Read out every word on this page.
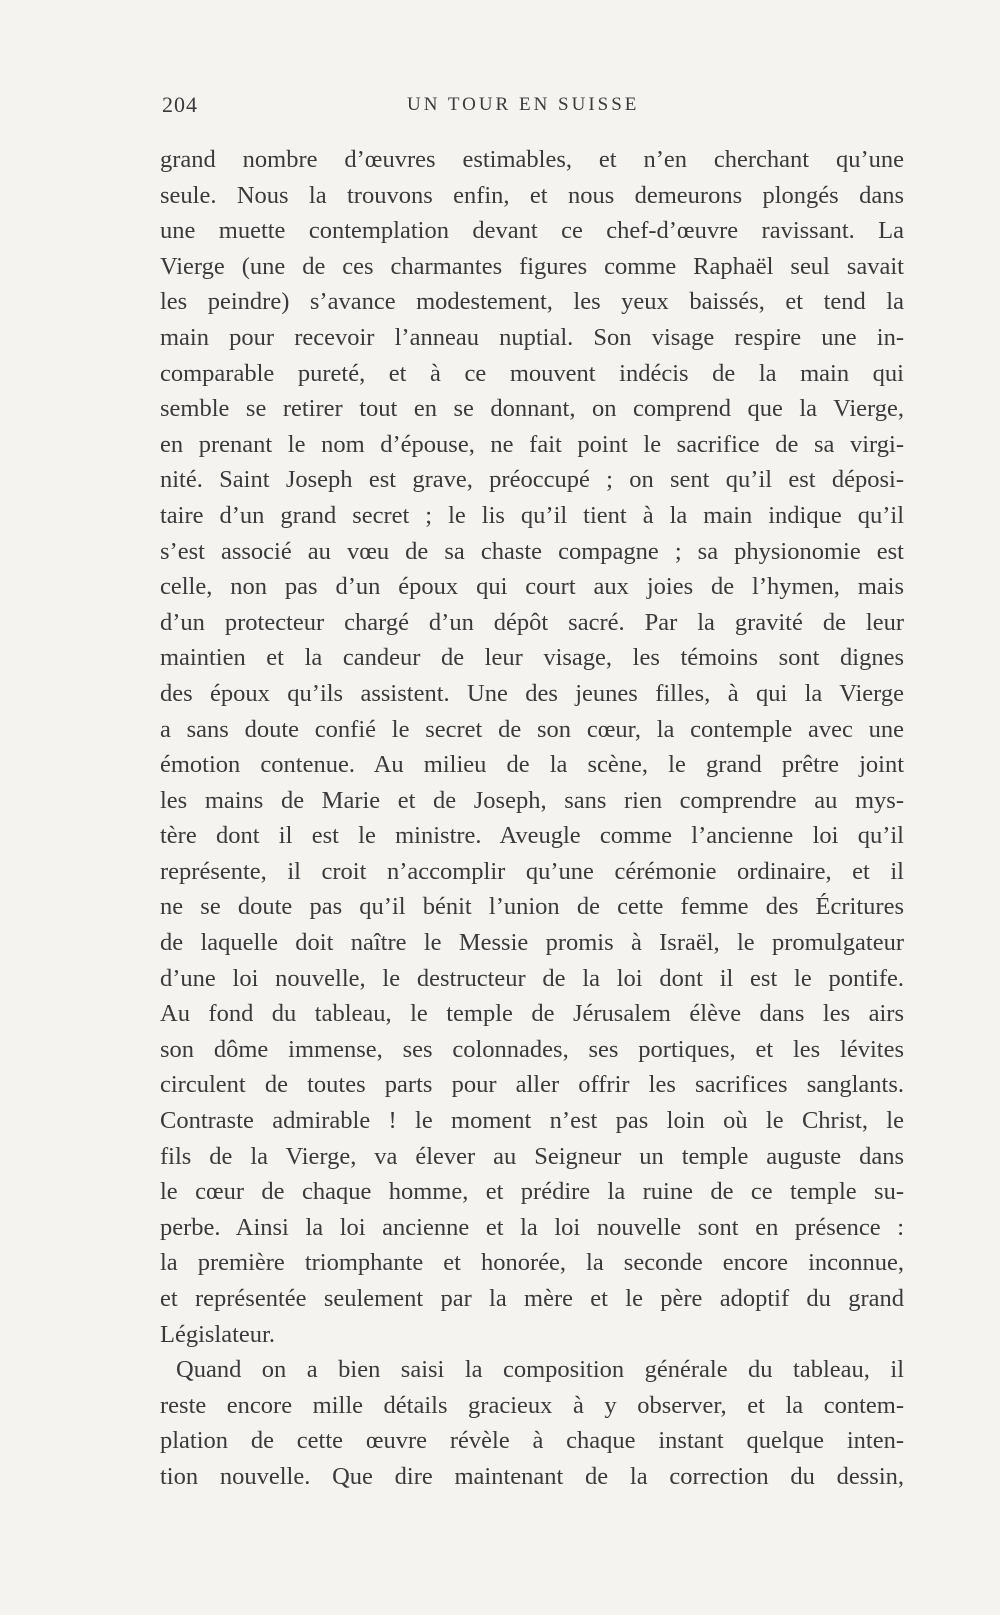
204	UN TOUR EN SUISSE
grand nombre d’œuvres estimables, et n’en cherchant qu’une
seule. Nous la trouvons enfin, et nous demeurons plongés dans
une muette contemplation devant ce chef-d’œuvre ravissant. La
Vierge (une de ces charmantes figures comme Raphaël seul savait
les peindre) s’avance modestement, les yeux baissés, et tend la
main pour recevoir l’anneau nuptial. Son visage respire une in-
comparable pureté, et à ce mouvent indécis de la main qui
semble se retirer tout en se donnant, on comprend que la Vierge,
en prenant le nom d’épouse, ne fait point le sacrifice de sa virgi-
nité. Saint Joseph est grave, préoccupé ; on sent qu’il est déposi-
taire d’un grand secret ; le lis qu’il tient à la main indique qu’il
s’est associé au vœu de sa chaste compagne ; sa physionomie est
celle, non pas d’un époux qui court aux joies de l’hymen, mais
d’un protecteur chargé d’un dépôt sacré. Par la gravité de leur
maintien et la candeur de leur visage, les témoins sont dignes
des époux qu’ils assistent. Une des jeunes filles, à qui la Vierge
a sans doute confié le secret de son cœur, la contemple avec une
émotion contenue. Au milieu de la scène, le grand prêtre joint
les mains de Marie et de Joseph, sans rien comprendre au mys-
tère dont il est le ministre. Aveugle comme l’ancienne loi qu’il
représente, il croit n’accomplir qu’une cérémonie ordinaire, et il
ne se doute pas qu’il bénit l’union de cette femme des Écritures
de laquelle doit naître le Messie promis à Israël, le promulgateur
d’une loi nouvelle, le destructeur de la loi dont il est le pontife.
Au fond du tableau, le temple de Jérusalem élève dans les airs
son dôme immense, ses colonnades, ses portiques, et les lévites
circulent de toutes parts pour aller offrir les sacrifices sanglants.
Contraste admirable ! le moment n’est pas loin où le Christ, le
fils de la Vierge, va élever au Seigneur un temple auguste dans
le cœur de chaque homme, et prédire la ruine de ce temple su-
perbe. Ainsi la loi ancienne et la loi nouvelle sont en présence :
la première triomphante et honorée, la seconde encore inconnue,
et représentée seulement par la mère et le père adoptif du grand
Législateur.
Quand on a bien saisi la composition générale du tableau, il
reste encore mille détails gracieux à y observer, et la contem-
plation de cette œuvre révèle à chaque instant quelque inten-
tion nouvelle. Que dire maintenant de la correction du dessin,
